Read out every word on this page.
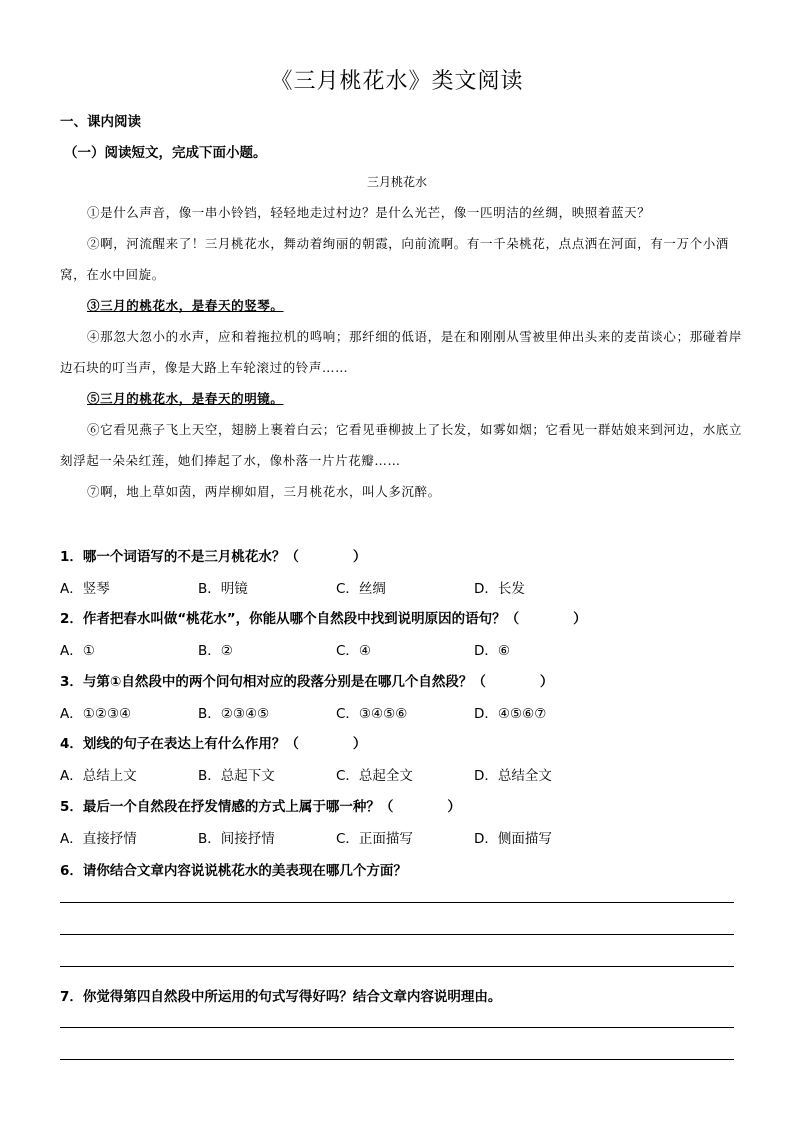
《三月桃花水》类文阅读
一、课内阅读
（一）阅读短文，完成下面小题。
三月桃花水
①是什么声音，像一串小铃铛，轻轻地走过村边？是什么光芒，像一匹明洁的丝绸，映照着蓝天？
②啊，河流醒来了！三月桃花水，舞动着绚丽的朝霞，向前流啊。有一千朵桃花，点点洒在河面，有一万个小酒窝，在水中回旋。
③三月的桃花水，是春天的竖琴。
④那忽大忽小的水声，应和着拖拉机的鸣响；那纤细的低语，是在和刚刚从雪被里伸出头来的麦苗谈心；那碰着岸边石块的叮当声，像是大路上车轮滚过的铃声……
⑤三月的桃花水，是春天的明镜。
⑥它看见燕子飞上天空，翅膀上裹着白云；它看见垂柳披上了长发，如雾如烟；它看见一群姑娘来到河边，水底立刻浮起一朵朵红莲，她们捧起了水，像朴落一片片花瓣……
⑦啊，地上草如茵，两岸柳如眉，三月桃花水，叫人多沉醉。
1．哪一个词语写的不是三月桃花水？（	）
A．竖琴	B．明镜	C．丝绸	D．长发
2．作者把春水叫做“桃花水”，你能从哪个自然段中找到说明原因的语句？（	）
A．①	B．②	C．④	D．⑥
3．与第①自然段中的两个问句相对应的段落分别是在哪几个自然段？（	）
A．①②③④	B．②③④⑤	C．③④⑤⑥	D．④⑤⑥⑦
4．划线的句子在表达上有什么作用？（	）
A．总结上文	B．总起下文	C．总起全文	D．总结全文
5．最后一个自然段在抒发情感的方式上属于哪一种？（	）
A．直接抒情	B．间接抒情	C．正面描写	D．侧面描写
6．请你结合文章内容说说桃花水的美表现在哪几个方面？
7．你觉得第四自然段中所运用的句式写得好吗？结合文章内容说明理由。
